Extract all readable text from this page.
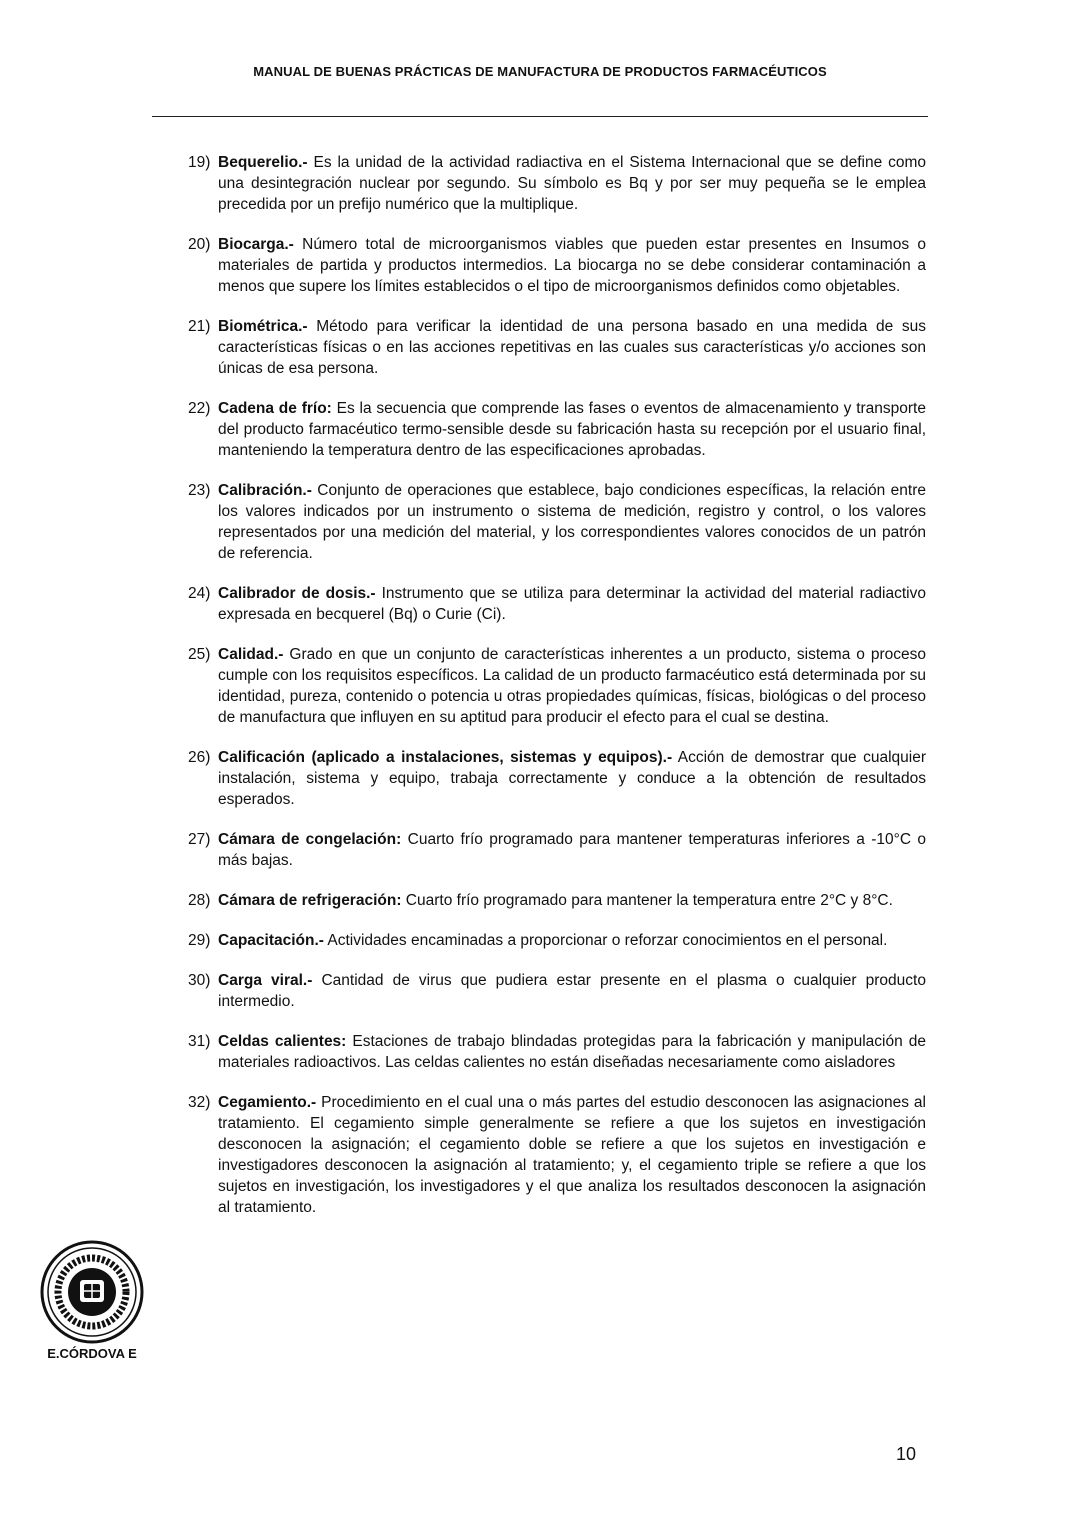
MANUAL DE BUENAS PRÁCTICAS DE MANUFACTURA DE PRODUCTOS FARMACÉUTICOS
19) Bequerelio.- Es la unidad de la actividad radiactiva en el Sistema Internacional que se define como una desintegración nuclear por segundo. Su símbolo es Bq y por ser muy pequeña se le emplea precedida por un prefijo numérico que la multiplique.
20) Biocarga.- Número total de microorganismos viables que pueden estar presentes en Insumos o materiales de partida y productos intermedios. La biocarga no se debe considerar contaminación a menos que supere los límites establecidos o el tipo de microorganismos definidos como objetables.
21) Biométrica.- Método para verificar la identidad de una persona basado en una medida de sus características físicas o en las acciones repetitivas en las cuales sus características y/o acciones son únicas de esa persona.
22) Cadena de frío: Es la secuencia que comprende las fases o eventos de almacenamiento y transporte del producto farmacéutico termo-sensible desde su fabricación hasta su recepción por el usuario final, manteniendo la temperatura dentro de las especificaciones aprobadas.
23) Calibración.- Conjunto de operaciones que establece, bajo condiciones específicas, la relación entre los valores indicados por un instrumento o sistema de medición, registro y control, o los valores representados por una medición del material, y los correspondientes valores conocidos de un patrón de referencia.
24) Calibrador de dosis.- Instrumento que se utiliza para determinar la actividad del material radiactivo expresada en becquerel (Bq) o Curie (Ci).
25) Calidad.- Grado en que un conjunto de características inherentes a un producto, sistema o proceso cumple con los requisitos específicos. La calidad de un producto farmacéutico está determinada por su identidad, pureza, contenido o potencia u otras propiedades químicas, físicas, biológicas o del proceso de manufactura que influyen en su aptitud para producir el efecto para el cual se destina.
26) Calificación (aplicado a instalaciones, sistemas y equipos).- Acción de demostrar que cualquier instalación, sistema y equipo, trabaja correctamente y conduce a la obtención de resultados esperados.
27) Cámara de congelación: Cuarto frío programado para mantener temperaturas inferiores a -10°C o más bajas.
28) Cámara de refrigeración: Cuarto frío programado para mantener la temperatura entre 2°C y 8°C.
29) Capacitación.- Actividades encaminadas a proporcionar o reforzar conocimientos en el personal.
30) Carga viral.- Cantidad de virus que pudiera estar presente en el plasma o cualquier producto intermedio.
31) Celdas calientes: Estaciones de trabajo blindadas protegidas para la fabricación y manipulación de materiales radioactivos. Las celdas calientes no están diseñadas necesariamente como aisladores
32) Cegamiento.- Procedimiento en el cual una o más partes del estudio desconocen las asignaciones al tratamiento. El cegamiento simple generalmente se refiere a que los sujetos en investigación desconocen la asignación; el cegamiento doble se refiere a que los sujetos en investigación e investigadores desconocen la asignación al tratamiento; y, el cegamiento triple se refiere a que los sujetos en investigación, los investigadores y el que analiza los resultados desconocen la asignación al tratamiento.
E.CÓRDOVA E
10
